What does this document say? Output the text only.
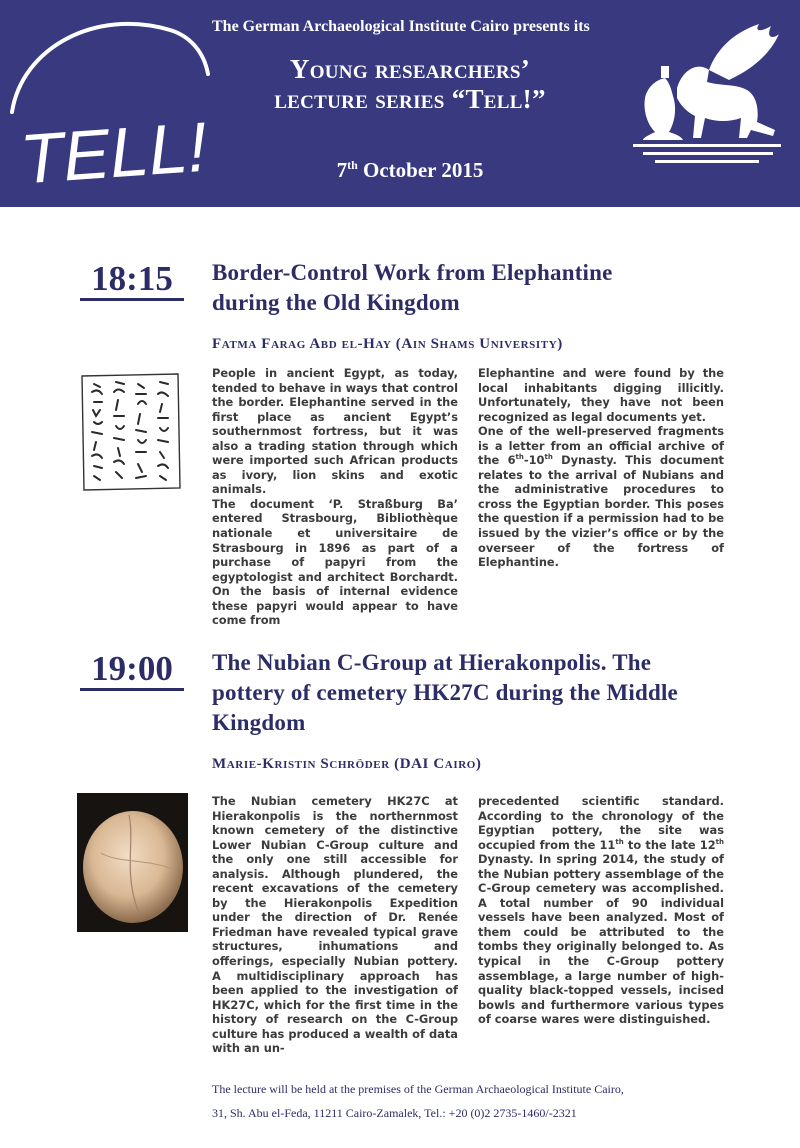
TELL!
The German Archaeological Institute Cairo presents its
Young researchers’
lecture series “Tell!”
7th October 2015
18:15	Border-Control Work from Elephantine
during the Old Kingdom
Fatma Farag Abd el-Hay (Ain Shams University)

People in ancient Egypt, as today, tended to behave in ways that control the border. Elephantine served in the first place as ancient Egypt’s southernmost fortress, but it was also a trading station through which were imported such African products as ivory, lion skins and exotic animals.

The document ‘P. Straßburg Ba’ entered Strasbourg, Bibliothèque nationale et universitaire de Strasbourg in 1896 as part of a purchase of papyri from the egyptologist and architect Borchardt. On the basis of internal evidence these papyri would appear to have come from

Elephantine and were found by the local inhabitants digging illicitly. Unfortunately, they have not been recognized as legal documents yet.

One of the well-preserved fragments is a letter from an official archive of the 6th-10th Dynasty. This document relates to the arrival of Nubians and the administrative procedures to cross the Egyptian border. This poses the question if a permission had to be issued by the vizier’s office or by the overseer of the fortress of Elephantine.

19:00	The Nubian C-Group at Hierakonpolis. The
pottery of cemetery HK27C during the Middle
Kingdom
Marie-Kristin Schröder (DAI Cairo)

The Nubian cemetery HK27C at Hierakonpolis is the northernmost known cemetery of the distinctive Lower Nubian C-Group culture and the only one still accessible for analysis. Although plundered, the recent excavations of the cemetery by the Hierakonpolis Expedition under the direction of Dr. Renée Friedman have revealed typical grave structures, inhumations and offerings, especially Nubian pottery. A multidisciplinary approach has been applied to the investigation of HK27C, which for the first time in the history of research on the C-Group culture has produced a wealth of data with an un-

precedented scientific standard. According to the chronology of the Egyptian pottery, the site was occupied from the 11th to the late 12th Dynasty. In spring 2014, the study of the Nubian pottery assemblage of the C-Group cemetery was accomplished. A total number of 90 individual vessels have been analyzed. Most of them could be attributed to the tombs they originally belonged to. As typical in the C-Group pottery assemblage, a large number of high-quality black-topped vessels, incised bowls and furthermore various types of coarse wares were distinguished.

The lecture will be held at the premises of the German Archaeological Institute Cairo,
31, Sh. Abu el-Feda, 11211 Cairo-Zamalek, Tel.: +20 (0)2 2735-1460/-2321
